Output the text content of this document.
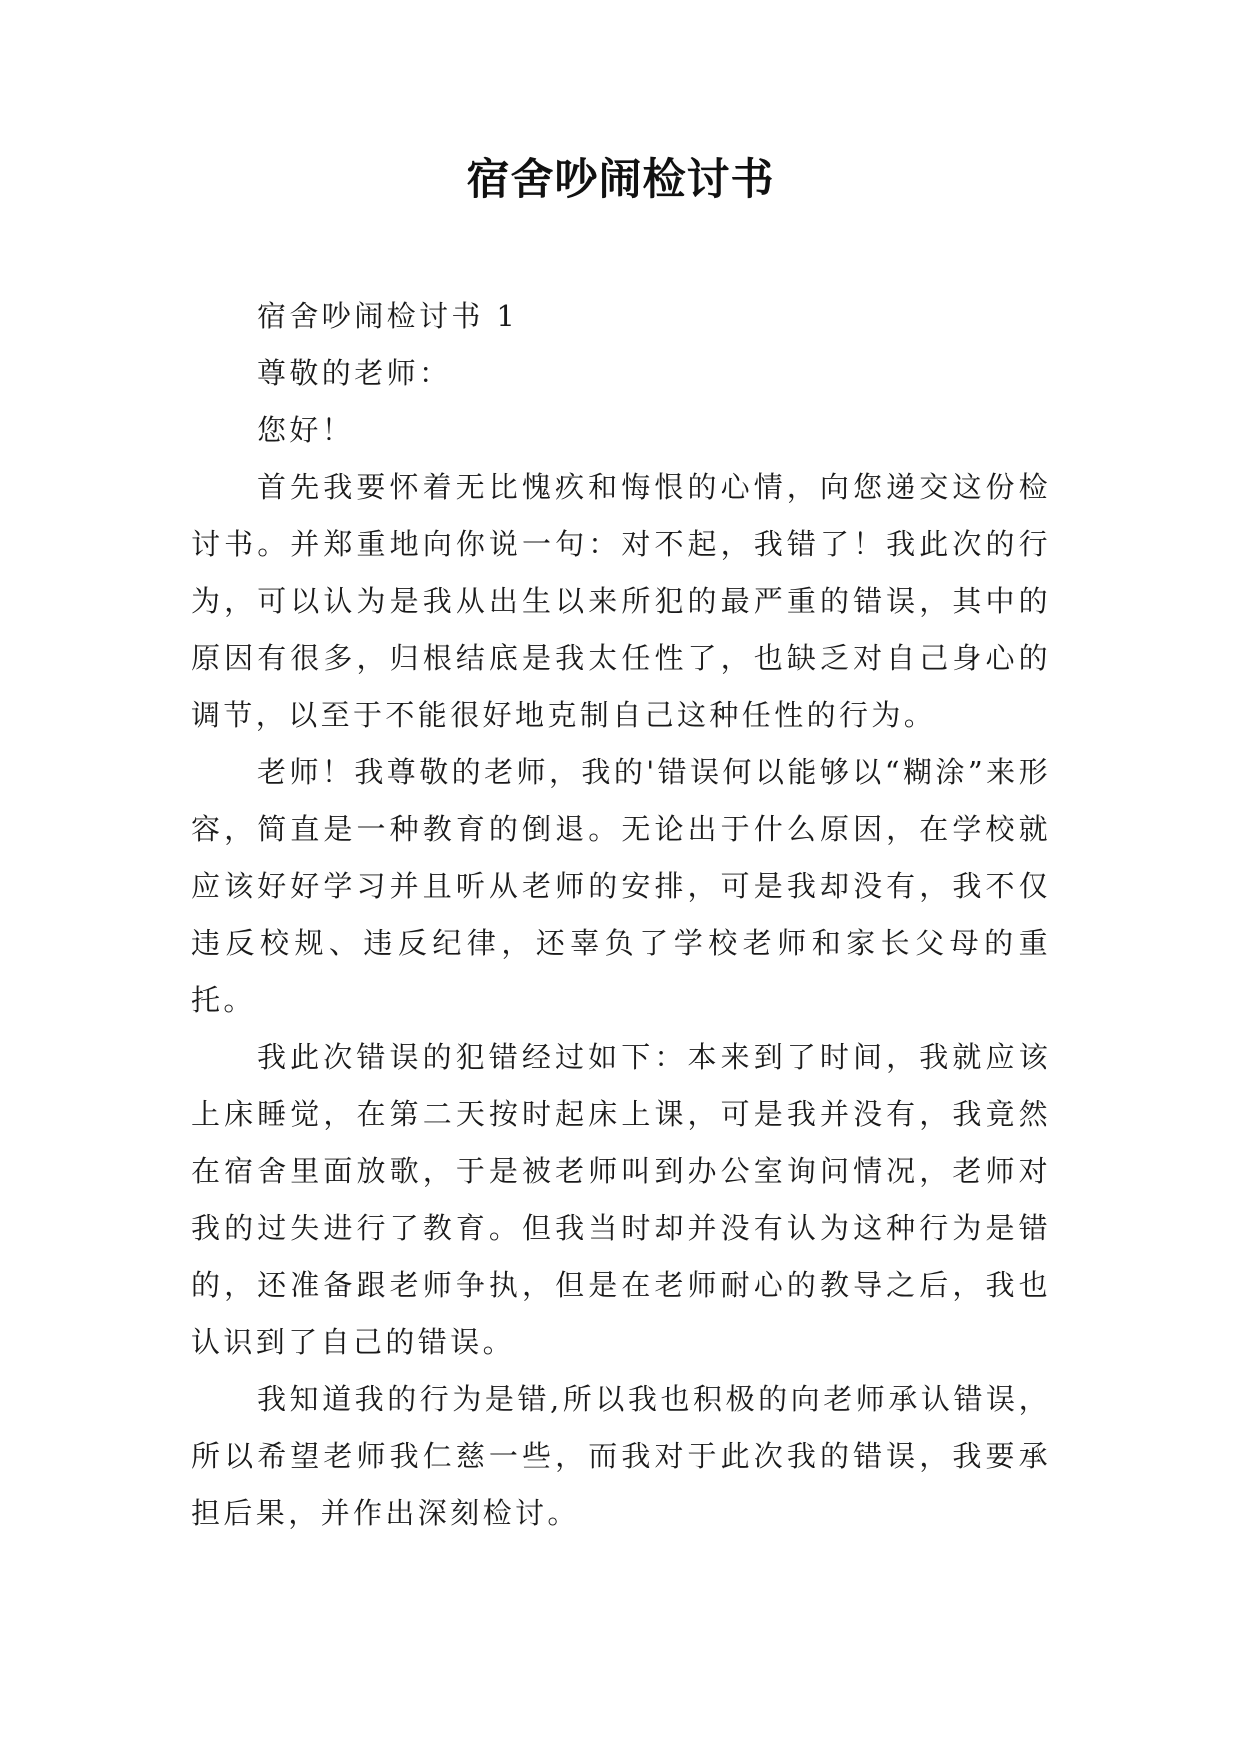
宿舍吵闹检讨书

宿舍吵闹检讨书 1

尊敬的老师：

您好！

首先我要怀着无比愧疚和悔恨的心情，向您递交这份检讨书。并郑重地向你说一句：对不起，我错了！我此次的行为，可以认为是我从出生以来所犯的最严重的错误，其中的原因有很多，归根结底是我太任性了，也缺乏对自己身心的调节，以至于不能很好地克制自己这种任性的行为。

老师！我尊敬的老师，我的'错误何以能够以“糊涂”来形容，简直是一种教育的倒退。无论出于什么原因，在学校就应该好好学习并且听从老师的安排，可是我却没有，我不仅违反校规、违反纪律，还辜负了学校老师和家长父母的重托。

我此次错误的犯错经过如下：本来到了时间，我就应该上床睡觉，在第二天按时起床上课，可是我并没有，我竟然在宿舍里面放歌，于是被老师叫到办公室询问情况，老师对我的过失进行了教育。但我当时却并没有认为这种行为是错的，还准备跟老师争执，但是在老师耐心的教导之后，我也认识到了自己的错误。

我知道我的行为是错,所以我也积极的向老师承认错误，所以希望老师我仁慈一些，而我对于此次我的错误，我要承担后果，并作出深刻检讨。
